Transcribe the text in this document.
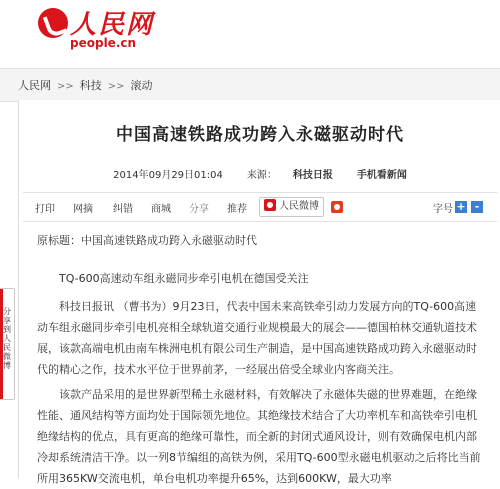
人民网
people.cn
人民网 >> 科技 >> 滚动
中国高速铁路成功跨入永磁驱动时代
2014年09月29日01:04 来源： 科技日报 手机看新闻
打印 网摘 纠错 商城 分享 推荐	人民微博	字号 + -
原标题：中国高速铁路成功跨入永磁驱动时代

TQ-600高速动车组永磁同步牵引电机在德国受关注

科技日报讯 （曹书为）9月23日，代表中国未来高铁牵引动力发展方向的TQ-600高速动车组永磁同步牵引电机亮相全球轨道交通行业规模最大的展会——德国柏林交通轨道技术展，该款高端电机由南车株洲电机有限公司生产制造，是中国高速铁路成功跨入永磁驱动时代的精心之作，技术水平位于世界前茅，一经展出倍受全球业内客商关注。

该款产品采用的是世界新型稀土永磁材料，有效解决了永磁体失磁的世界难题，在绝缘性能、通风结构等方面均处于国际领先地位。其绝缘技术结合了大功率机车和高铁牵引电机绝缘结构的优点，具有更高的绝缘可靠性，而全新的封闭式通风设计，则有效确保电机内部冷却系统清洁干净。以一列8节编组的高铁为例，采用TQ-600型永磁电机驱动之后将比当前所用365KW交流电机，单台电机功率提升65%，达到600KW，最大功率

分享到人民微博
